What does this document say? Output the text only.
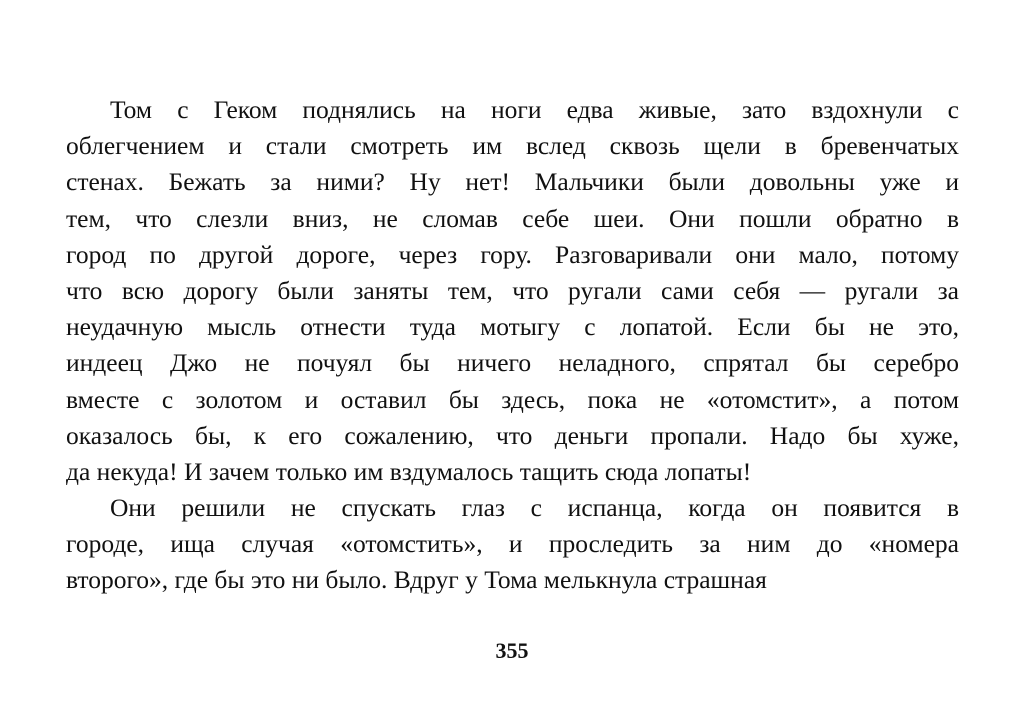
Том с Геком поднялись на ноги едва живые, зато вздохнули с
облегчением и стали смотреть им вслед сквозь щели в бревенчатых
стенах. Бежать за ними? Ну нет! Мальчики были довольны уже и
тем, что слезли вниз, не сломав себе шеи. Они пошли обратно в
город по другой дороге, через гору. Разговаривали они мало, потому
что всю дорогу были заняты тем, что ругали сами себя — ругали за
неудачную мысль отнести туда мотыгу с лопатой. Если бы не это,
индеец Джо не почуял бы ничего неладного, спрятал бы серебро
вместе с золотом и оставил бы здесь, пока не «отомстит», а потом
оказалось бы, к его сожалению, что деньги пропали. Надо бы хуже,
да некуда! И зачем только им вздумалось тащить сюда лопаты!
Они решили не спускать глаз с испанца, когда он появится в
городе, ища случая «отомстить», и проследить за ним до «номера
второго», где бы это ни было. Вдруг у Тома мелькнула страшная
355
